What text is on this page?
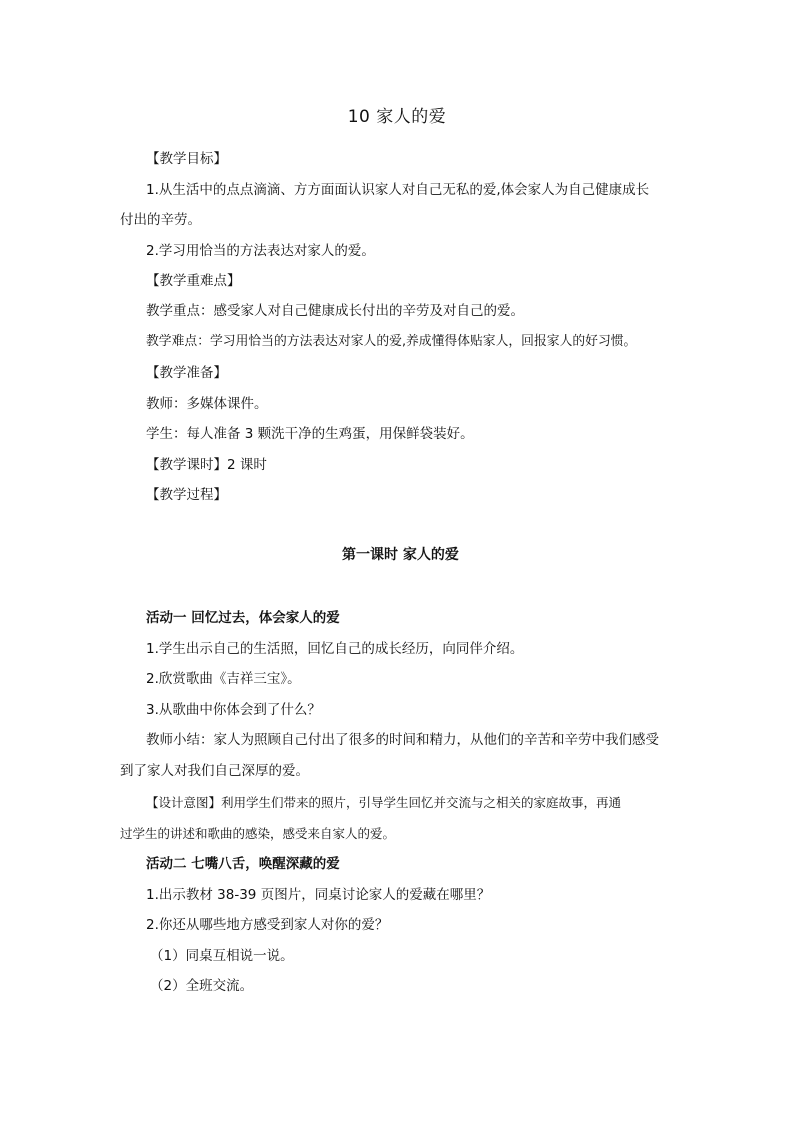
10 家人的爱
【教学目标】
1.从生活中的点点滴滴、方方面面认识家人对自己无私的爱,体会家人为自己健康成长
付出的辛劳。
2.学习用恰当的方法表达对家人的爱。
【教学重难点】
教学重点：感受家人对自己健康成长付出的辛劳及对自己的爱。
教学难点：学习用恰当的方法表达对家人的爱,养成懂得体贴家人，回报家人的好习惯。
【教学准备】
教师：多媒体课件。
学生：每人准备 3 颗洗干净的生鸡蛋，用保鲜袋装好。
【教学课时】2 课时
【教学过程】
第一课时 家人的爱
活动一 回忆过去，体会家人的爱
1.学生出示自己的生活照，回忆自己的成长经历，向同伴介绍。
2.欣赏歌曲《吉祥三宝》。
3.从歌曲中你体会到了什么？
教师小结：家人为照顾自己付出了很多的时间和精力，从他们的辛苦和辛劳中我们感受
到了家人对我们自己深厚的爱。
【设计意图】利用学生们带来的照片，引导学生回忆并交流与之相关的家庭故事，再通
过学生的讲述和歌曲的感染，感受来自家人的爱。
活动二 七嘴八舌，唤醒深藏的爱
1.出示教材 38-39 页图片，同桌讨论家人的爱藏在哪里？
2.你还从哪些地方感受到家人对你的爱？
（1）同桌互相说一说。
（2）全班交流。
